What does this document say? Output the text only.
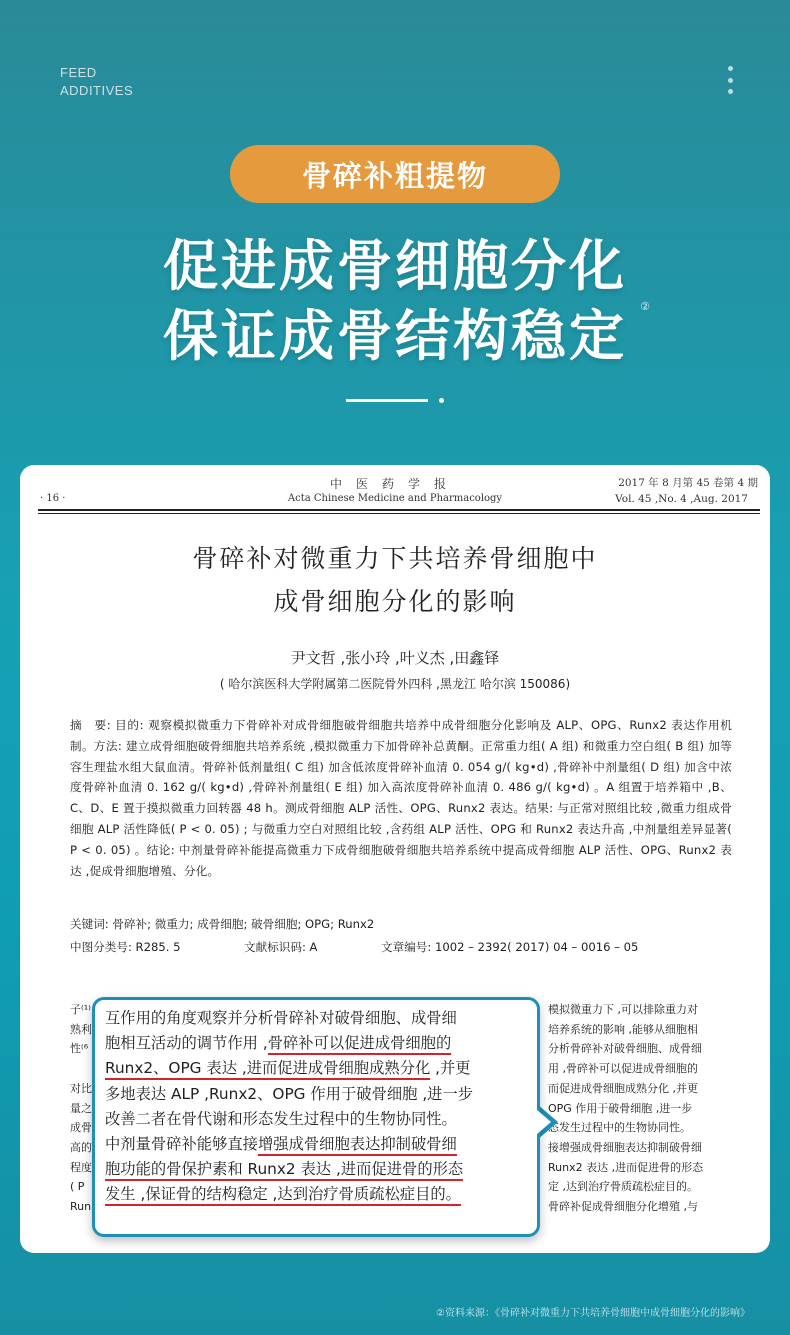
FEED
ADDITIVES
骨碎补粗提物
促进成骨细胞分化
保证成骨结构稳定	②
中医药学报
· 16 ·	Acta Chinese Medicine and Pharmacology
2017 年 8 月第 45 卷第 4 期
Vol. 45 ,No. 4 ,Aug. 2017
骨碎补对微重力下共培养骨细胞中
成骨细胞分化的影响
尹文哲 ,张小玲 ,叶义杰 ,田鑫铎
( 哈尔滨医科大学附属第二医院骨外四科 ,黑龙江 哈尔滨 150086)
摘　要: 目的: 观察模拟微重力下骨碎补对成骨细胞破骨细胞共培养中成骨细胞分化影响及 ALP、OPG、Runx2 表达作用机制。方法: 建立成骨细胞破骨细胞共培养系统 ,模拟微重力下加骨碎补总黄酮。正常重力组( A 组) 和微重力空白组( B 组) 加等容生理盐水组大鼠血清。骨碎补低剂量组( C 组) 加含低浓度骨碎补血清 0. 054 g/( kg•d) ,骨碎补中剂量组( D 组) 加含中浓度骨碎补血清 0. 162 g/( kg•d) ,骨碎补剂量组( E 组) 加入高浓度骨碎补血清 0. 486 g/( kg•d) 。A 组置于培养箱中 ,B、C、D、E 置于摸拟微重力回转器 48 h。测成骨细胞 ALP 活性、OPG、Runx2 表达。结果: 与正常对照组比较 ,微重力组成骨细胞 ALP 活性降低( P < 0. 05) ; 与微重力空白对照组比较 ,含药组 ALP 活性、OPG 和 Runx2 表达升高 ,中剂量组差异显著( P < 0. 05) 。结论: 中剂量骨碎补能提高微重力下成骨细胞破骨细胞共培养系统中提高成骨细胞 ALP 活性、OPG、Runx2 表达 ,促成骨细胞增殖、分化。
关键词: 骨碎补; 微重力; 成骨细胞; 破骨细胞; OPG; Runx2
中图分类号: R285. 5	文献标识码: A	文章编号: 1002 – 2392( 2017) 04 – 0016 – 05
子⁽¹⁾
熟利
性⁽⁶

对比
量之
成骨
高的
程度
( P
Run
模拟微重力下 ,可以排除重力对
培养系统的影响 ,能够从细胞相
分析骨碎补对破骨细胞、成骨细
用 ,骨碎补可以促进成骨细胞的
而促进成骨细胞成熟分化 ,并更
OPG 作用于破骨细胞 ,进一步
态发生过程中的生物协同性。
接增强成骨细胞表达抑制破骨细
Runx2 表达 ,进而促进骨的形态
定 ,达到治疗骨质疏松症目的。
骨碎补促成骨细胞分化增殖 ,与
互作用的角度观察并分析骨碎补对破骨细胞、成骨细
胞相互活动的调节作用 ,骨碎补可以促进成骨细胞的
Runx2、OPG 表达 ,进而促进成骨细胞成熟分化 ,并更
多地表达 ALP ,Runx2、OPG 作用于破骨细胞 ,进一步
改善二者在骨代谢和形态发生过程中的生物协同性。
中剂量骨碎补能够直接增强成骨细胞表达抑制破骨细
胞功能的骨保护素和 Runx2 表达 ,进而促进骨的形态
发生 ,保证骨的结构稳定 ,达到治疗骨质疏松症目的。
②资料来源：《骨碎补对微重力下共培养骨细胞中成骨细胞分化的影响》
